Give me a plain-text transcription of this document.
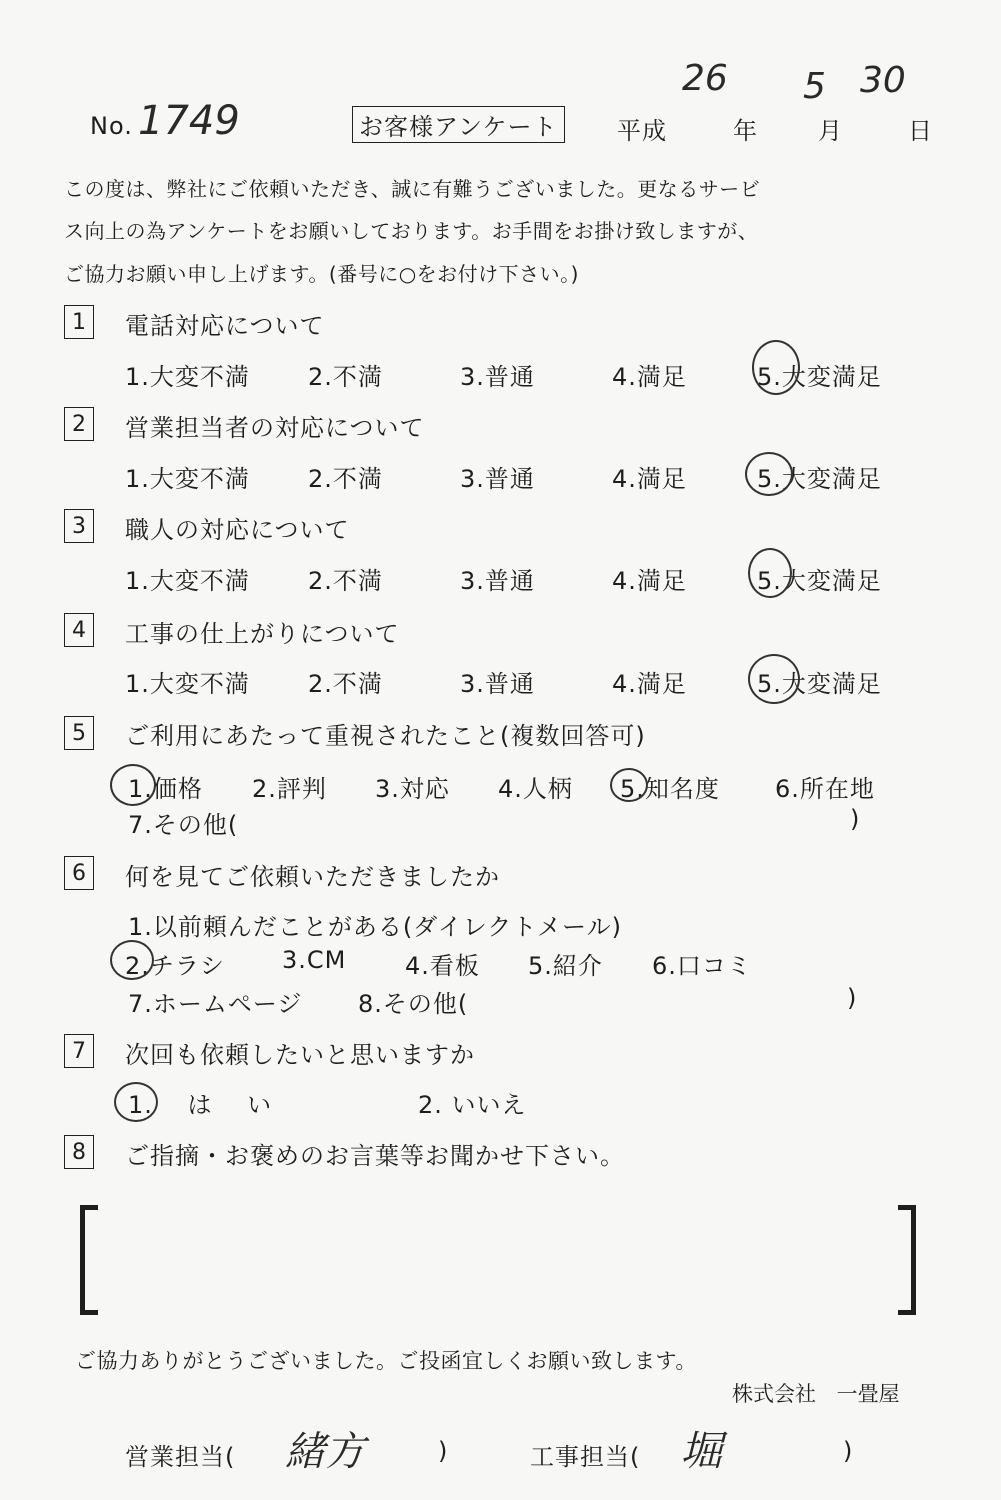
No. 1749	お客様アンケート 平成
26
年
5
月
30
日
この度は、弊社にご依頼いただき、誠に有難うございました。更なるサービ
ス向上の為アンケートをお願いしております。お手間をお掛け致しますが、
ご協力お願い申し上げます。(番号に○をお付け下さい。)
1	電話対応について
1.大変不満 2.不満	3.普通	4.満足	5.大変満足
2	営業担当者の対応について
1.大変不満 2.不満	3.普通	4.満足	5.大変満足
3	職人の対応について
1.大変不満 2.不満	3.普通	4.満足	5.大変満足
4	工事の仕上がりについて
1.大変不満 2.不満	3.普通	4.満足	5.大変満足
5	ご利用にあたって重視されたこと(複数回答可)
1.価格 2.評判 3.対応 4.人柄 5.知名度 6.所在地
7.その他(	)
6	何を見てご依頼いただきましたか
1.以前頼んだことがある(ダイレクトメール)
2.チラシ 3.CM 4.看板 5.紹介 6.口コミ
7.ホームページ 8.その他(	)
7	次回も依頼したいと思いますか
1. は い	2. いいえ
8	ご指摘・お褒めのお言葉等お聞かせ下さい。
ご協力ありがとうございました。ご投函宜しくお願い致します。
株式会社 一畳屋
営業担当( 緒方	)	工事担当( 堀	)
